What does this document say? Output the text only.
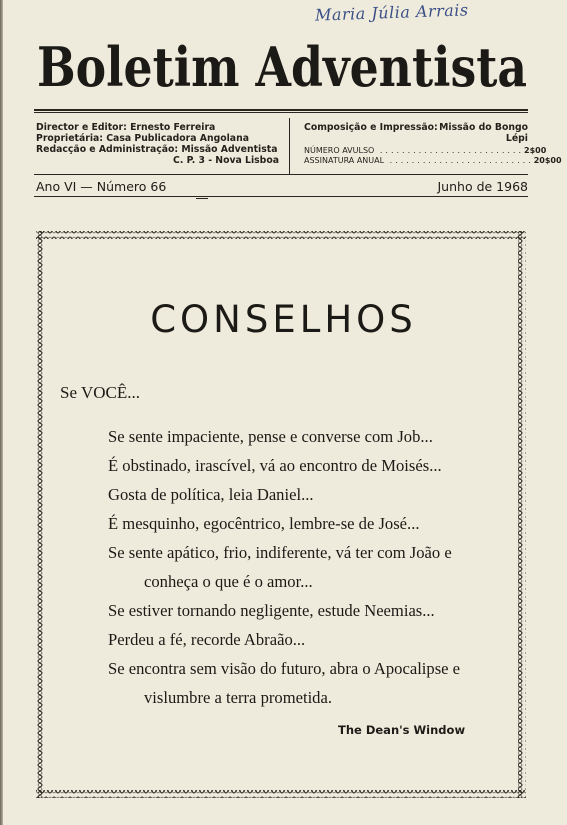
Maria Júlia Arrais
Boletim Adventista
Director e Editor: Ernesto Ferreira
Proprietária: Casa Publicadora Angolana
Redacção e Administração: Missão Adventista
C. P. 3 - Nova Lisboa
Composição e Impressão: Missão do Bongo
Lépi
NÚMERO AVULSO .......................... 2$00
ASSINATURA ANUAL .......................... 20$00
Ano VI — Número 66	Junho de 1968
CONSELHOS
Se VOCÊ...
Se sente impaciente, pense e converse com Job...
É obstinado, irascível, vá ao encontro de Moisés...
Gosta de política, leia Daniel...
É mesquinho, egocêntrico, lembre-se de José...
Se sente apático, frio, indiferente, vá ter com João e
conheça o que é o amor...
Se estiver tornando negligente, estude Neemias...
Perdeu a fé, recorde Abraão...
Se encontra sem visão do futuro, abra o Apocalipse e
vislumbre a terra prometida.
The Dean's Window
